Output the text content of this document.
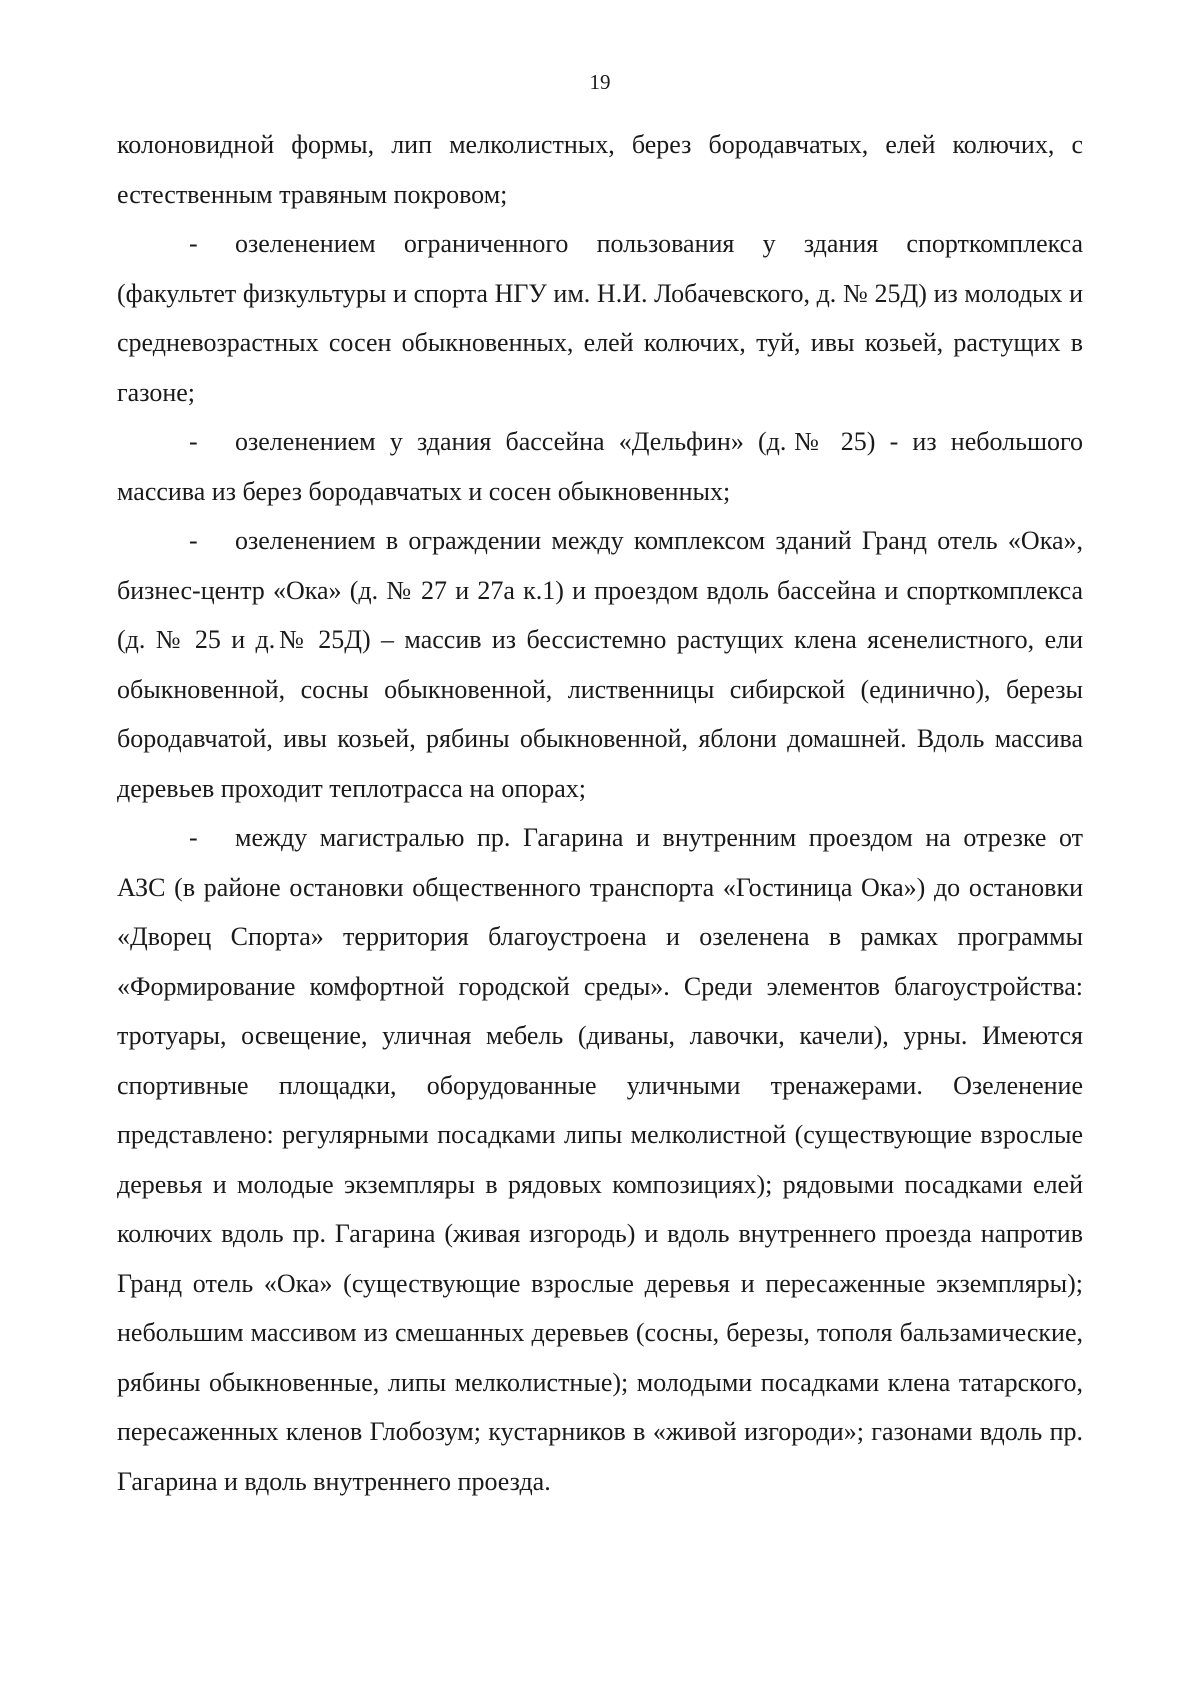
19

колоновидной формы, лип мелколистных, берез бородавчатых, елей колючих, с естественным травяным покровом;

- озеленением ограниченного пользования у здания спорткомплекса (факультет физкультуры и спорта НГУ им. Н.И. Лобачевского, д. № 25Д) из молодых и средневозрастных сосен обыкновенных, елей колючих, туй, ивы козьей, растущих в газоне;

- озеленением у здания бассейна «Дельфин» (д.№ 25) - из небольшого массива из берез бородавчатых и сосен обыкновенных;

- озеленением в ограждении между комплексом зданий Гранд отель «Ока», бизнес-центр «Ока» (д. № 27 и 27а к.1) и проездом вдоль бассейна и спорткомплекса (д. № 25 и д.№ 25Д) – массив из бессистемно растущих клена ясенелистного, ели обыкновенной, сосны обыкновенной, лиственницы сибирской (единично), березы бородавчатой, ивы козьей, рябины обыкновенной, яблони домашней. Вдоль массива деревьев проходит теплотрасса на опорах;

- между магистралью пр. Гагарина и внутренним проездом на отрезке от АЗС (в районе остановки общественного транспорта «Гостиница Ока») до остановки «Дворец Спорта» территория благоустроена и озеленена в рамках программы «Формирование комфортной городской среды». Среди элементов благоустройства: тротуары, освещение, уличная мебель (диваны, лавочки, качели), урны. Имеются спортивные площадки, оборудованные уличными тренажерами. Озеленение представлено: регулярными посадками липы мелколистной (существующие взрослые деревья и молодые экземпляры в рядовых композициях); рядовыми посадками елей колючих вдоль пр. Гагарина (живая изгородь) и вдоль внутреннего проезда напротив Гранд отель «Ока» (существующие взрослые деревья и пересаженные экземпляры); небольшим массивом из смешанных деревьев (сосны, березы, тополя бальзамические, рябины обыкновенные, липы мелколистные); молодыми посадками клена татарского, пересаженных кленов Глобозум; кустарников в «живой изгороди»; газонами вдоль пр. Гагарина и вдоль внутреннего проезда.
